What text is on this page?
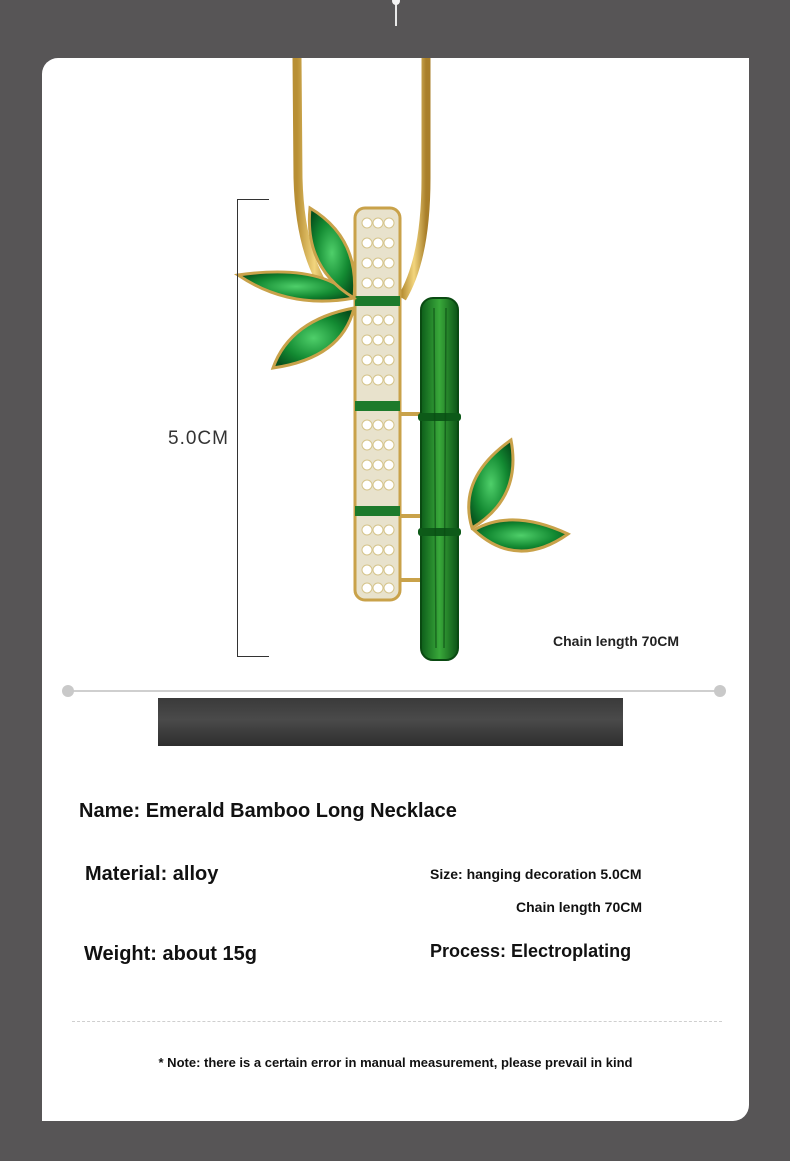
5.0CM
Chain length 70CM
Name: Emerald Bamboo Long Necklace
Material: alloy	Size: hanging decoration 5.0CM
Chain length 70CM
Weight: about 15g	Process: Electroplating
* Note: there is a certain error in manual measurement, please prevail in kind
